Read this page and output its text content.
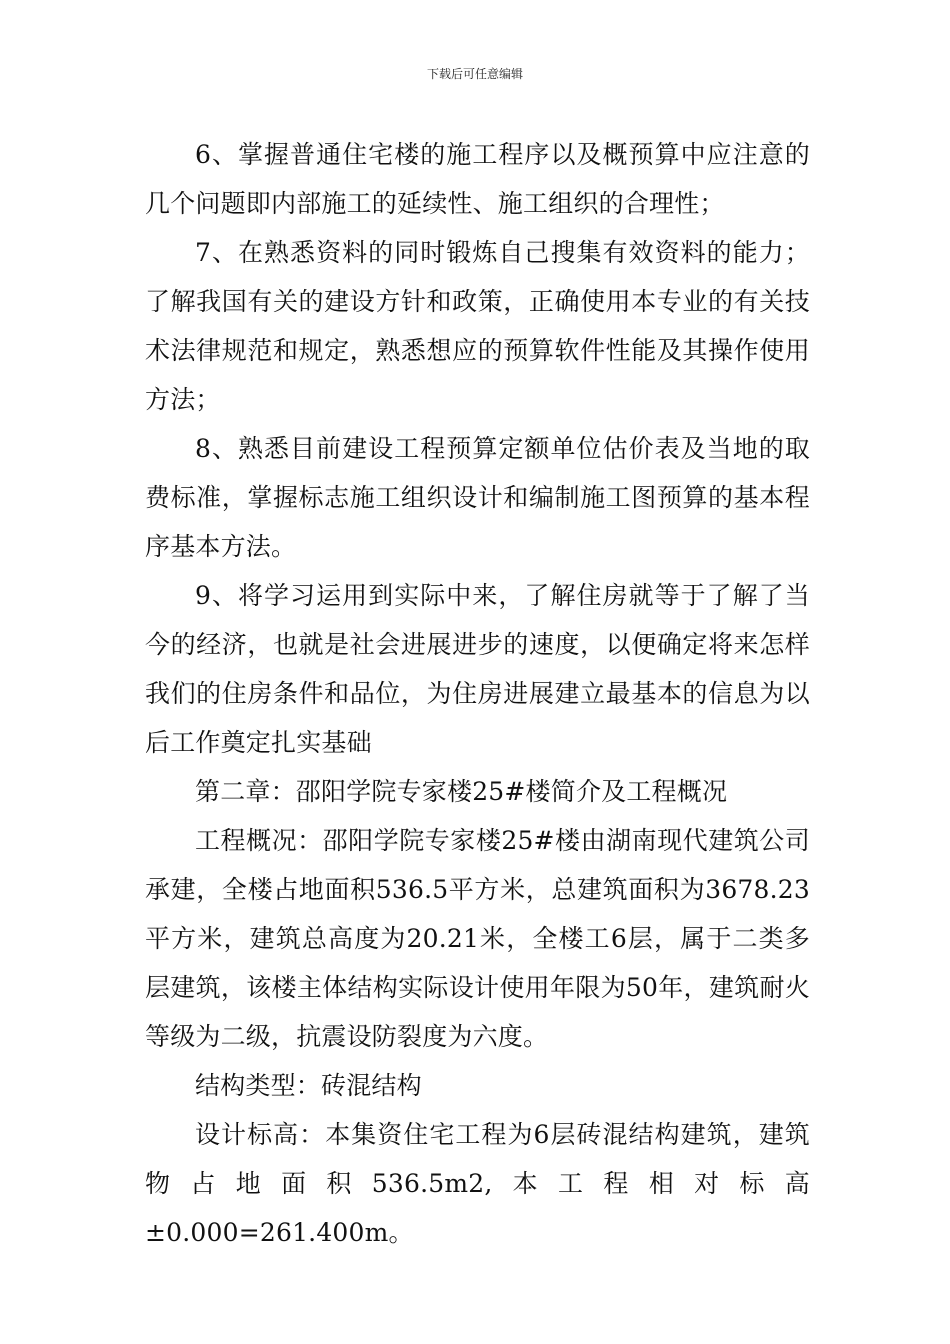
下载后可任意编辑

6、掌握普通住宅楼的施工程序以及概预算中应注意的几个问题即内部施工的延续性、施工组织的合理性；

7、在熟悉资料的同时锻炼自己搜集有效资料的能力；了解我国有关的建设方针和政策，正确使用本专业的有关技术法律规范和规定，熟悉想应的预算软件性能及其操作使用方法；

8、熟悉目前建设工程预算定额单位估价表及当地的取费标准，掌握标志施工组织设计和编制施工图预算的基本程序基本方法。

9、将学习运用到实际中来，了解住房就等于了解了当今的经济，也就是社会进展进步的速度，以便确定将来怎样我们的住房条件和品位，为住房进展建立最基本的信息为以后工作奠定扎实基础

第二章：邵阳学院专家楼25#楼简介及工程概况

工程概况：邵阳学院专家楼25#楼由湖南现代建筑公司承建，全楼占地面积536.5平方米，总建筑面积为3678.23平方米，建筑总高度为20.21米，全楼工6层，属于二类多层建筑，该楼主体结构实际设计使用年限为50年，建筑耐火等级为二级，抗震设防裂度为六度。

结构类型：砖混结构

设计标高：本集资住宅工程为6层砖混结构建筑，建筑物占地面积536.5m2,本工程相对标高±0.000=261.400m。
